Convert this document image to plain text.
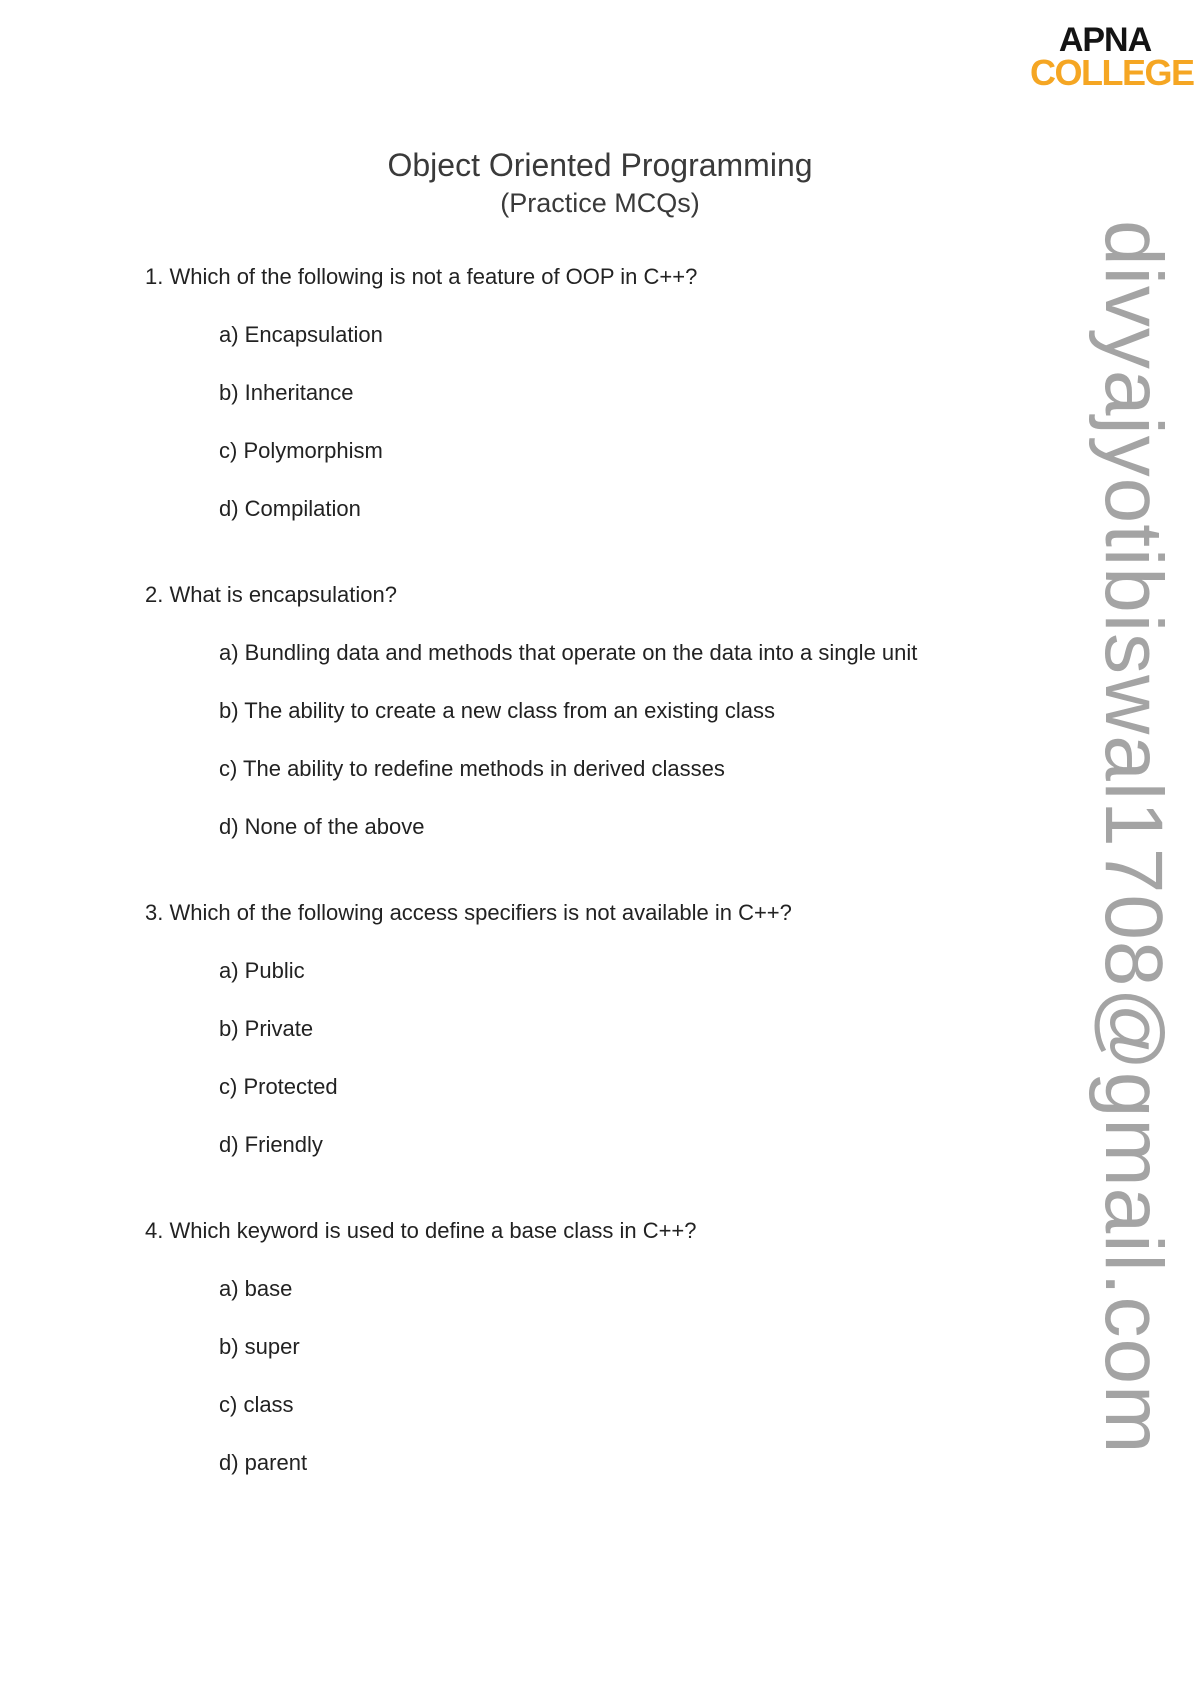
APNA
COLLEGE
Object Oriented Programming
(Practice MCQs)
1. Which of the following is not a feature of OOP in C++?
a) Encapsulation
b) Inheritance
c) Polymorphism
d) Compilation
2. What is encapsulation?
a) Bundling data and methods that operate on the data into a single unit
b) The ability to create a new class from an existing class
c) The ability to redefine methods in derived classes
d) None of the above
3. Which of the following access specifiers is not available in C++?
a) Public
b) Private
c) Protected
d) Friendly
4. Which keyword is used to define a base class in C++?
a) base
b) super
c) class
d) parent
divyajyotibiswal1708@gmail.com
